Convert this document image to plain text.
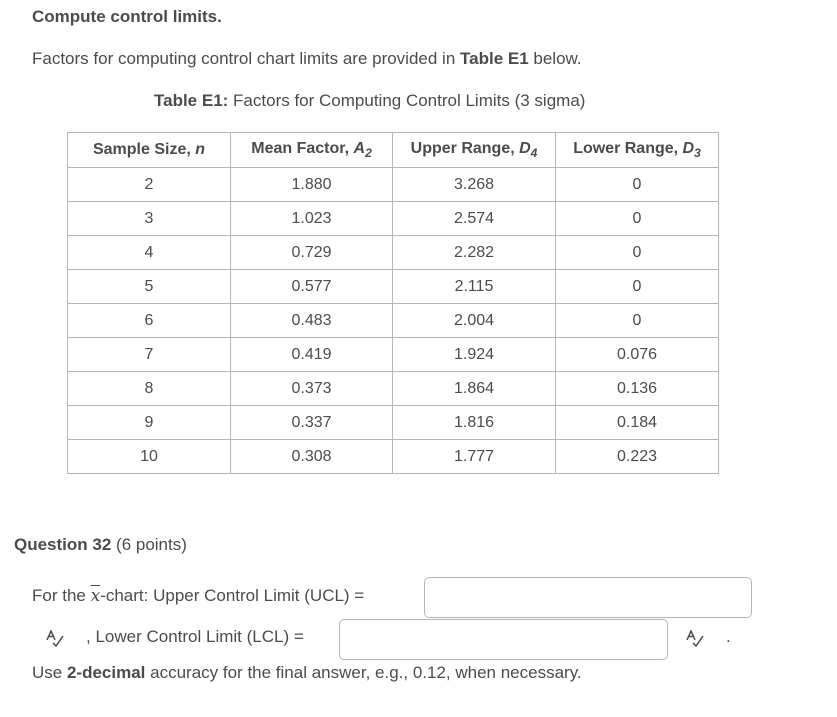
Compute control limits.
Factors for computing control chart limits are provided in Table E1 below.
Table E1: Factors for Computing Control Limits (3 sigma)
Sample Size, n	Mean Factor, $A_2$	Upper Range, $D_4$	Lower Range, $D_3$
2	1.880	3.268	0
3	1.023	2.574	0
4	0.729	2.282	0
5	0.577	2.115	0
6	0.483	2.004	0
7	0.419	1.924	0.076
8	0.373	1.864	0.136
9	0.337	1.816	0.184
10	0.308	1.777	0.223
Question 32 (6 points)
For the $\overline{x}$-chart: Upper Control Limit (UCL) =
, Lower Control Limit (LCL) =	.
Use 2-decimal accuracy for the final answer, e.g., 0.12, when necessary.
